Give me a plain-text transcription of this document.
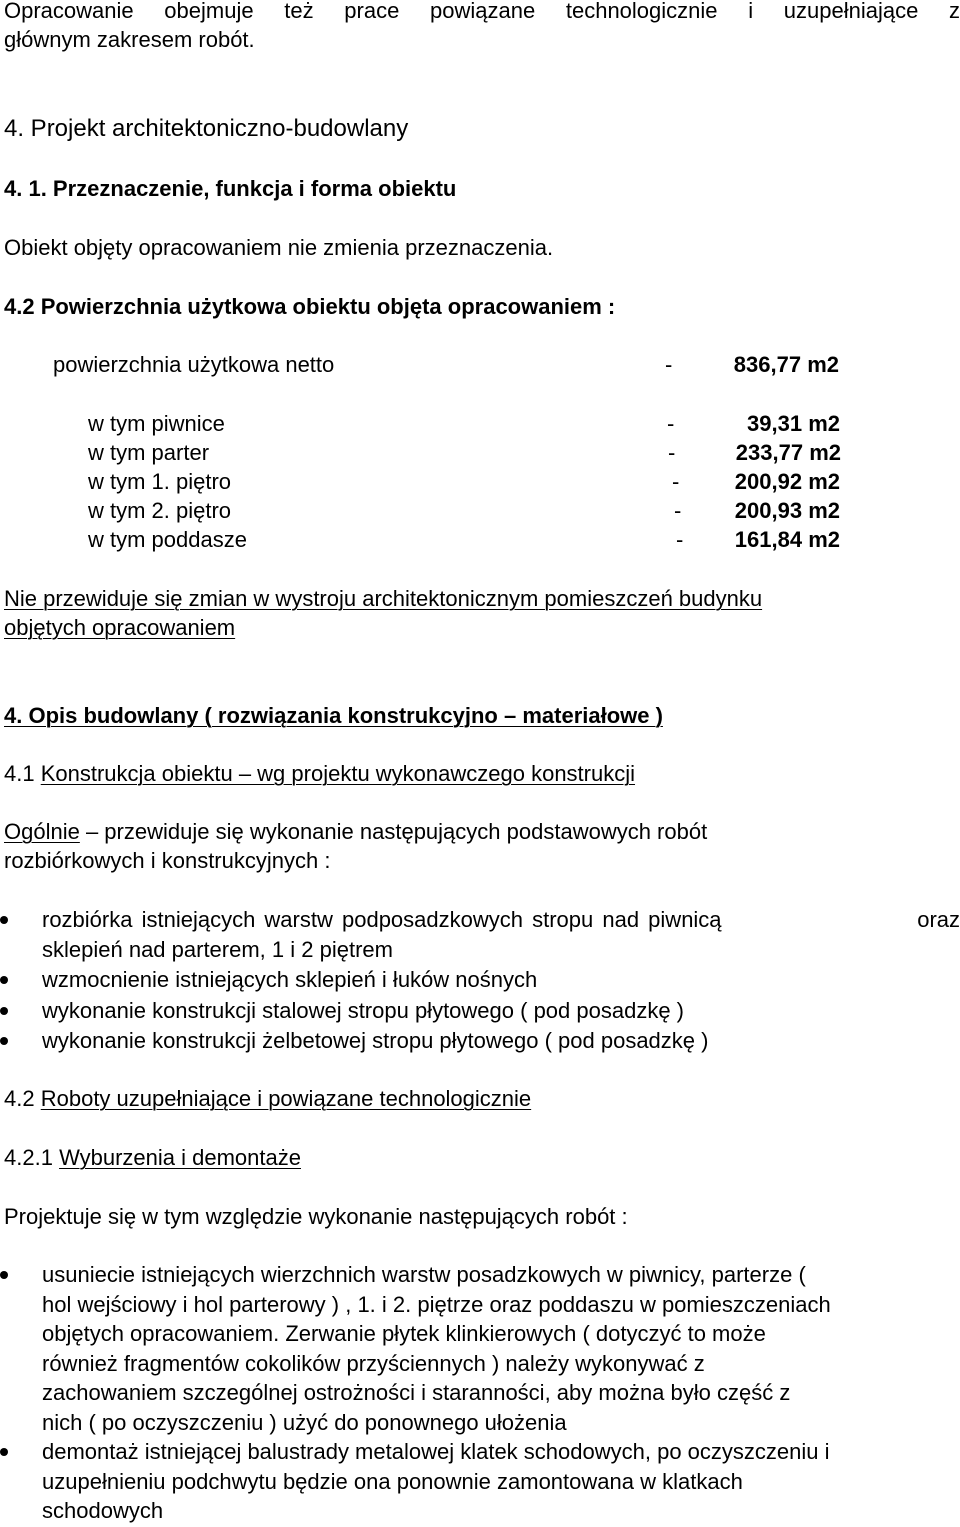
Opracowanie obejmuje też prace powiązane technologicznie i uzupełniające z

głównym zakresem robót.

4. Projekt architektoniczno-budowlany

4. 1. Przeznaczenie, funkcja i forma obiektu

Obiekt objęty opracowaniem nie zmienia przeznaczenia.

4.2 Powierzchnia użytkowa obiektu objęta opracowaniem :

powierzchnia użytkowa netto	-	836,77 m2
w tym piwnice	-	39,31 m2
w tym parter	-	233,77 m2
w tym 1. piętro	-	200,92 m2
w tym 2. piętro	- 200,93 m2
w tym poddasze	- 161,84 m2

Nie przewiduje się zmian w wystroju architektonicznym pomieszczeń budynku

objętych opracowaniem

4. Opis budowlany ( rozwiązania konstrukcyjno – materiałowe )

4.1 Konstrukcja obiektu – wg projektu wykonawczego konstrukcji

Ogólnie – przewiduje się wykonanie następujących podstawowych robót

rozbiórkowych i konstrukcyjnych :

rozbiórka istniejących warstw podposadzkowych stropu nad piwnicą	oraz

sklepień nad parterem, 1 i 2 piętrem
wzmocnienie istniejących sklepień i łuków nośnych
wykonanie konstrukcji stalowej stropu płytowego ( pod posadzkę )
wykonanie konstrukcji żelbetowej stropu płytowego ( pod posadzkę )

4.2 Roboty uzupełniające i powiązane technologicznie

4.2.1 Wyburzenia i demontaże

Projektuje się w tym względzie wykonanie następujących robót :

usuniecie istniejących wierzchnich warstw posadzkowych w piwnicy, parterze (
hol wejściowy i hol parterowy ) , 1. i 2. piętrze oraz poddaszu w pomieszczeniach
objętych opracowaniem. Zerwanie płytek klinkierowych ( dotyczyć to może
również fragmentów cokolików przyściennych ) należy wykonywać z
zachowaniem szczególnej ostrożności i staranności, aby można było część z
nich ( po oczyszczeniu ) użyć do ponownego ułożenia
demontaż istniejącej balustrady metalowej klatek schodowych, po oczyszczeniu i
uzupełnieniu podchwytu będzie ona ponownie zamontowana w klatkach
schodowych
